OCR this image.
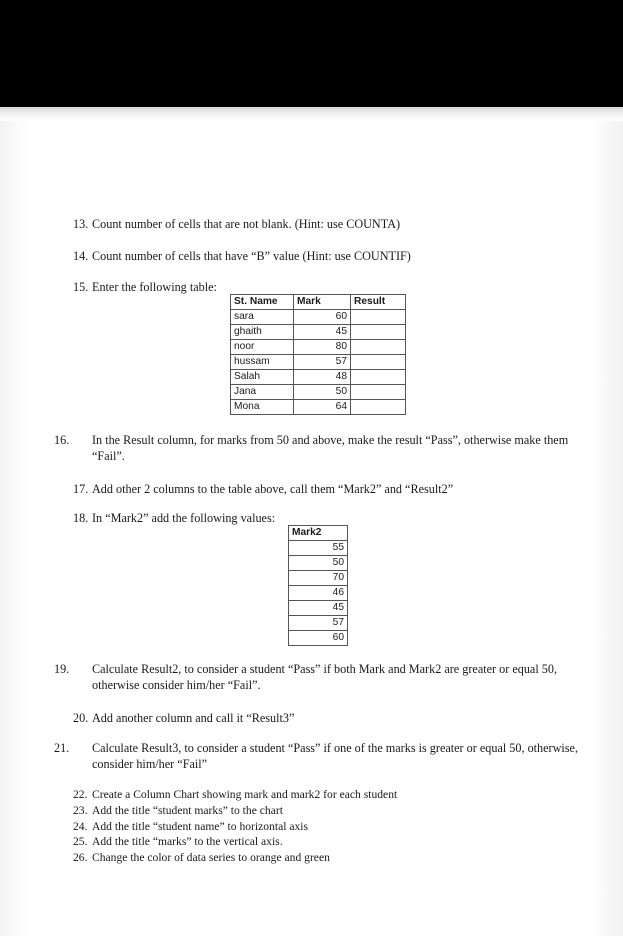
13. Count number of cells that are not blank. (Hint: use COUNTA)
14. Count number of cells that have “B” value (Hint: use COUNTIF)
15. Enter the following table:
St. Name	Mark	Result
sara	60	
ghaith	45	
noor	80	
hussam	57	
Salah	48	
Jana	50	
Mona	64	
16. In the Result column, for marks from 50 and above, make the result “Pass”, otherwise make them “Fail”.
17. Add other 2 columns to the table above, call them “Mark2” and “Result2”
18. In “Mark2” add the following values:
Mark2
55
50
70
46
45
57
60
19. Calculate Result2, to consider a student “Pass” if both Mark and Mark2 are greater or equal 50, otherwise consider him/her “Fail”.
20. Add another column and call it “Result3”
21. Calculate Result3, to consider a student “Pass” if one of the marks is greater or equal 50, otherwise, consider him/her “Fail”
22. Create a Column Chart showing mark and mark2 for each student
23. Add the title “student marks” to the chart
24. Add the title “student name” to horizontal axis
25. Add the title “marks” to the vertical axis.
26. Change the color of data series to orange and green
